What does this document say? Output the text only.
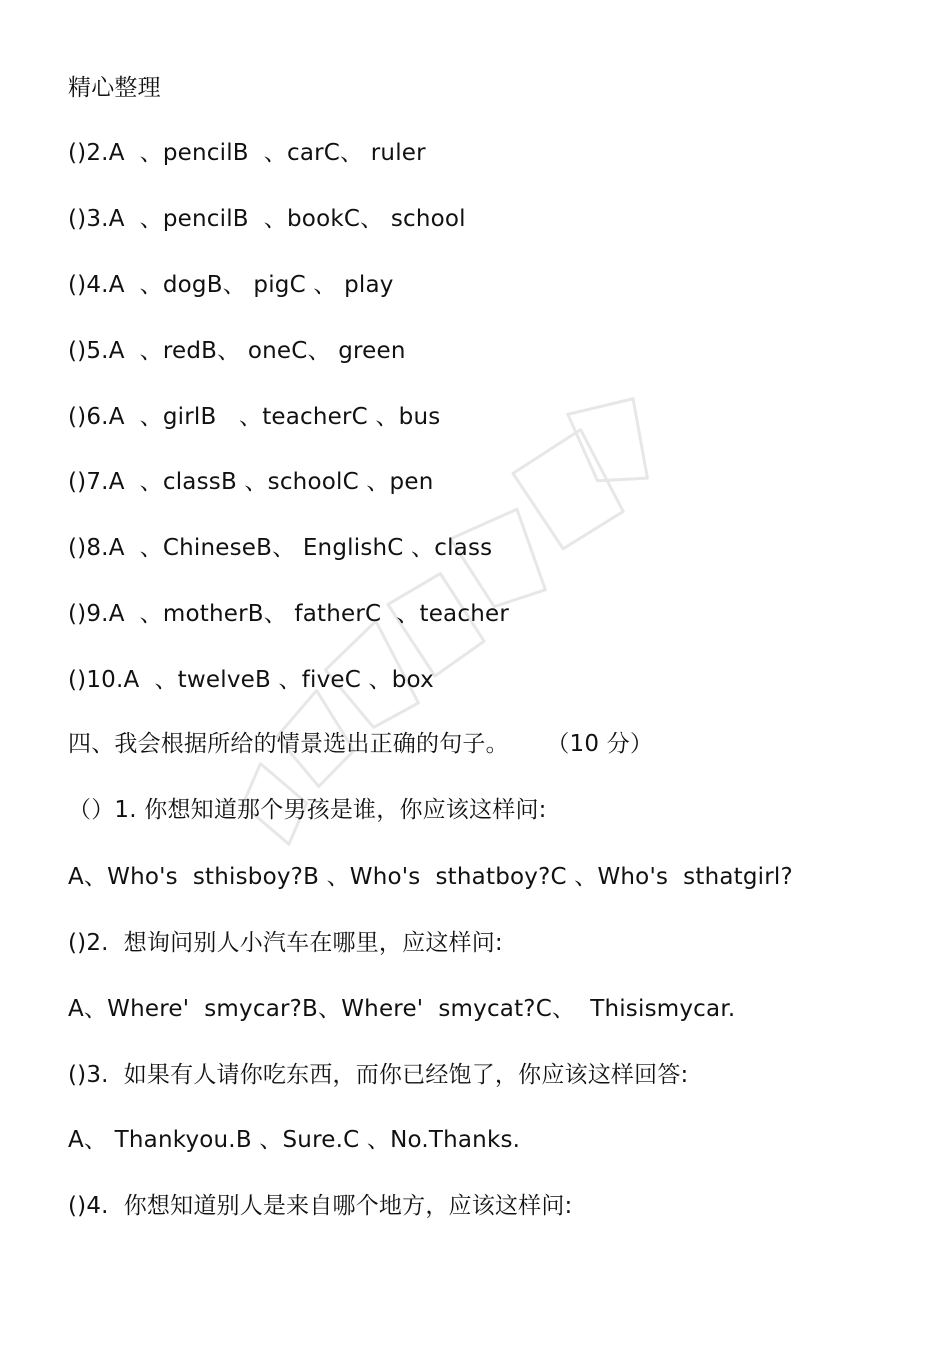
精心整理
()2.A  、pencilB  、carC、 ruler
()3.A  、pencilB  、bookC、 school
()4.A  、dogB、 pigC 、 play
()5.A  、redB、 oneC、 green
()6.A  、girlB   、teacherC 、bus
()7.A  、classB 、schoolC 、pen
()8.A  、ChineseB、 EnglishC 、class
()9.A  、motherB、 fatherC  、teacher
()10.A  、twelveB 、fiveC 、box
四、我会根据所给的情景选出正确的句子。     （10 分）
（）1. 你想知道那个男孩是谁，你应该这样问:
A、Who's  sthisboy?B 、Who's  sthatboy?C 、Who's  sthatgirl?
()2.  想询问别人小汽车在哪里，应这样问:
A、Where'  smycar?B、Where'  smycat?C、  Thisismycar.
()3.  如果有人请你吃东西，而你已经饱了，你应该这样回答:
A、 Thankyou.B 、Sure.C 、No.Thanks.
()4.  你想知道别人是来自哪个地方，应该这样问:
